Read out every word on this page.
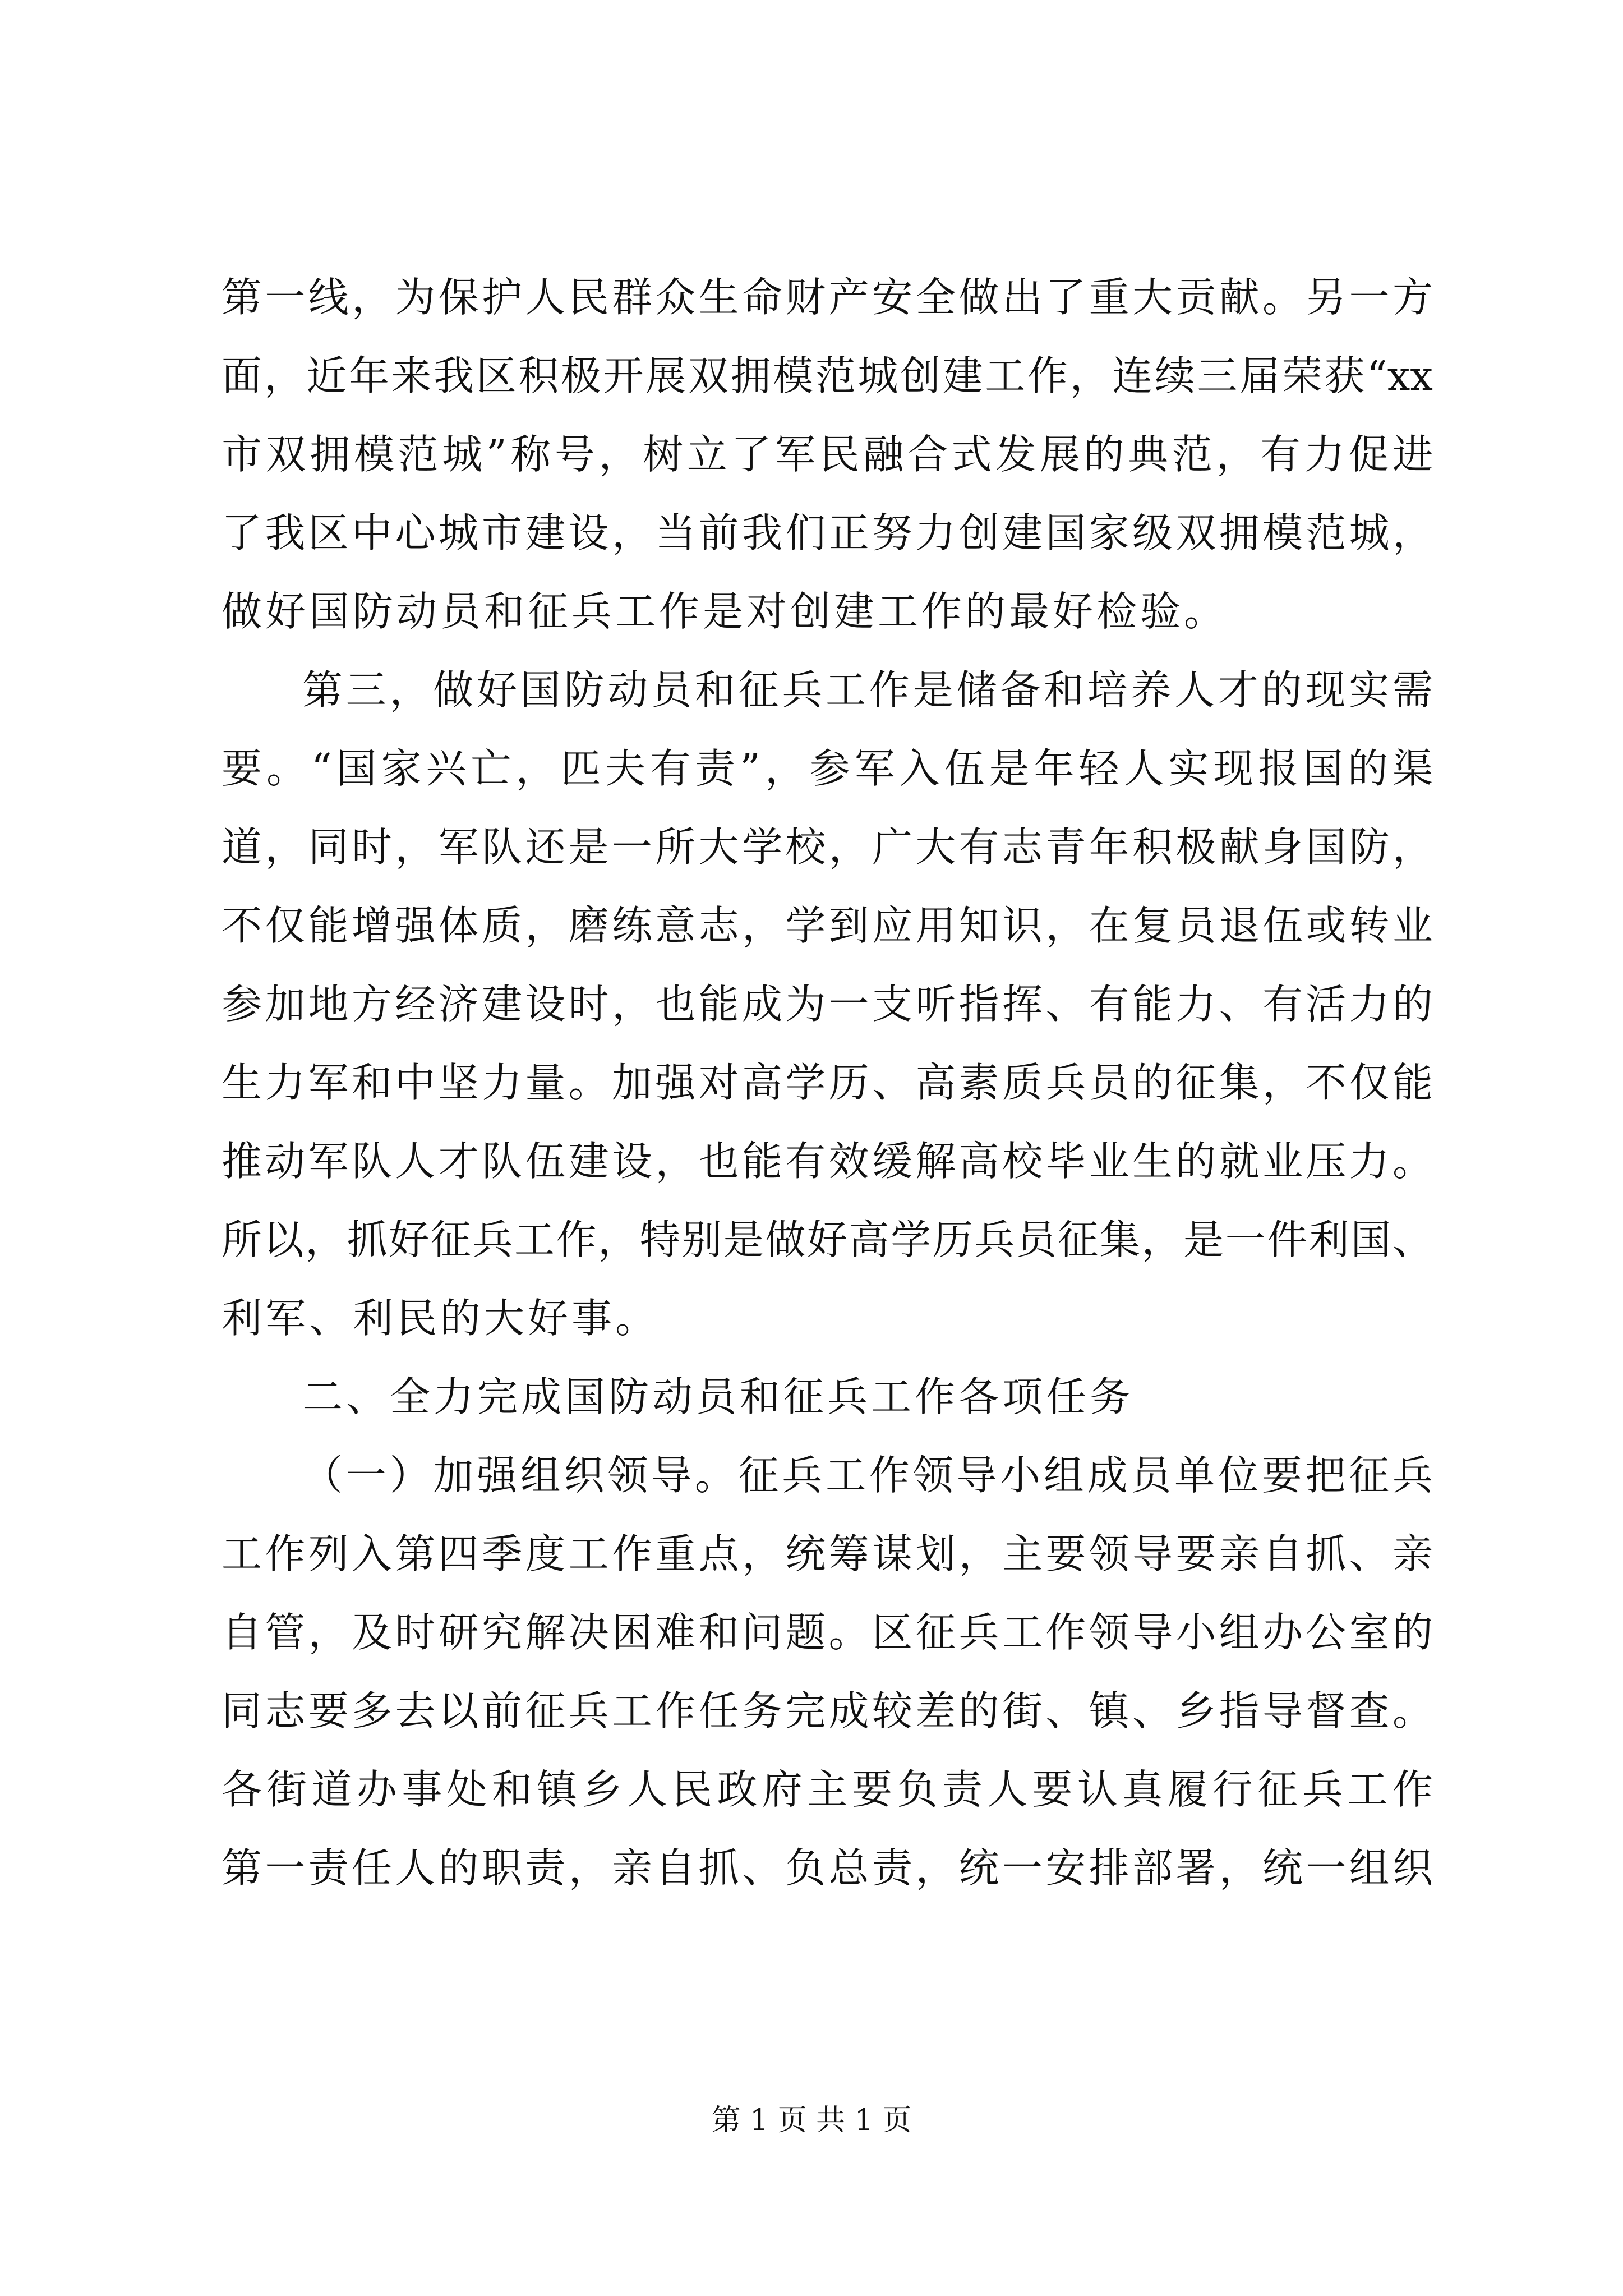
第一线，为保护人民群众生命财产安全做出了重大贡献。另一方
面，近年来我区积极开展双拥模范城创建工作，连续三届荣获“xx
市双拥模范城”称号，树立了军民融合式发展的典范，有力促进
了我区中心城市建设，当前我们正努力创建国家级双拥模范城，
做好国防动员和征兵工作是对创建工作的最好检验。
第三，做好国防动员和征兵工作是储备和培养人才的现实需
要。“国家兴亡，匹夫有责”，参军入伍是年轻人实现报国的渠
道，同时，军队还是一所大学校，广大有志青年积极献身国防，
不仅能增强体质，磨练意志，学到应用知识，在复员退伍或转业
参加地方经济建设时，也能成为一支听指挥、有能力、有活力的
生力军和中坚力量。加强对高学历、高素质兵员的征集，不仅能
推动军队人才队伍建设，也能有效缓解高校毕业生的就业压力。
所以，抓好征兵工作，特别是做好高学历兵员征集，是一件利国、
利军、利民的大好事。
二、全力完成国防动员和征兵工作各项任务
（一）加强组织领导。征兵工作领导小组成员单位要把征兵
工作列入第四季度工作重点，统筹谋划，主要领导要亲自抓、亲
自管，及时研究解决困难和问题。区征兵工作领导小组办公室的
同志要多去以前征兵工作任务完成较差的街、镇、乡指导督查。
各街道办事处和镇乡人民政府主要负责人要认真履行征兵工作
第一责任人的职责，亲自抓、负总责，统一安排部署，统一组织
第 1 页 共 1 页
